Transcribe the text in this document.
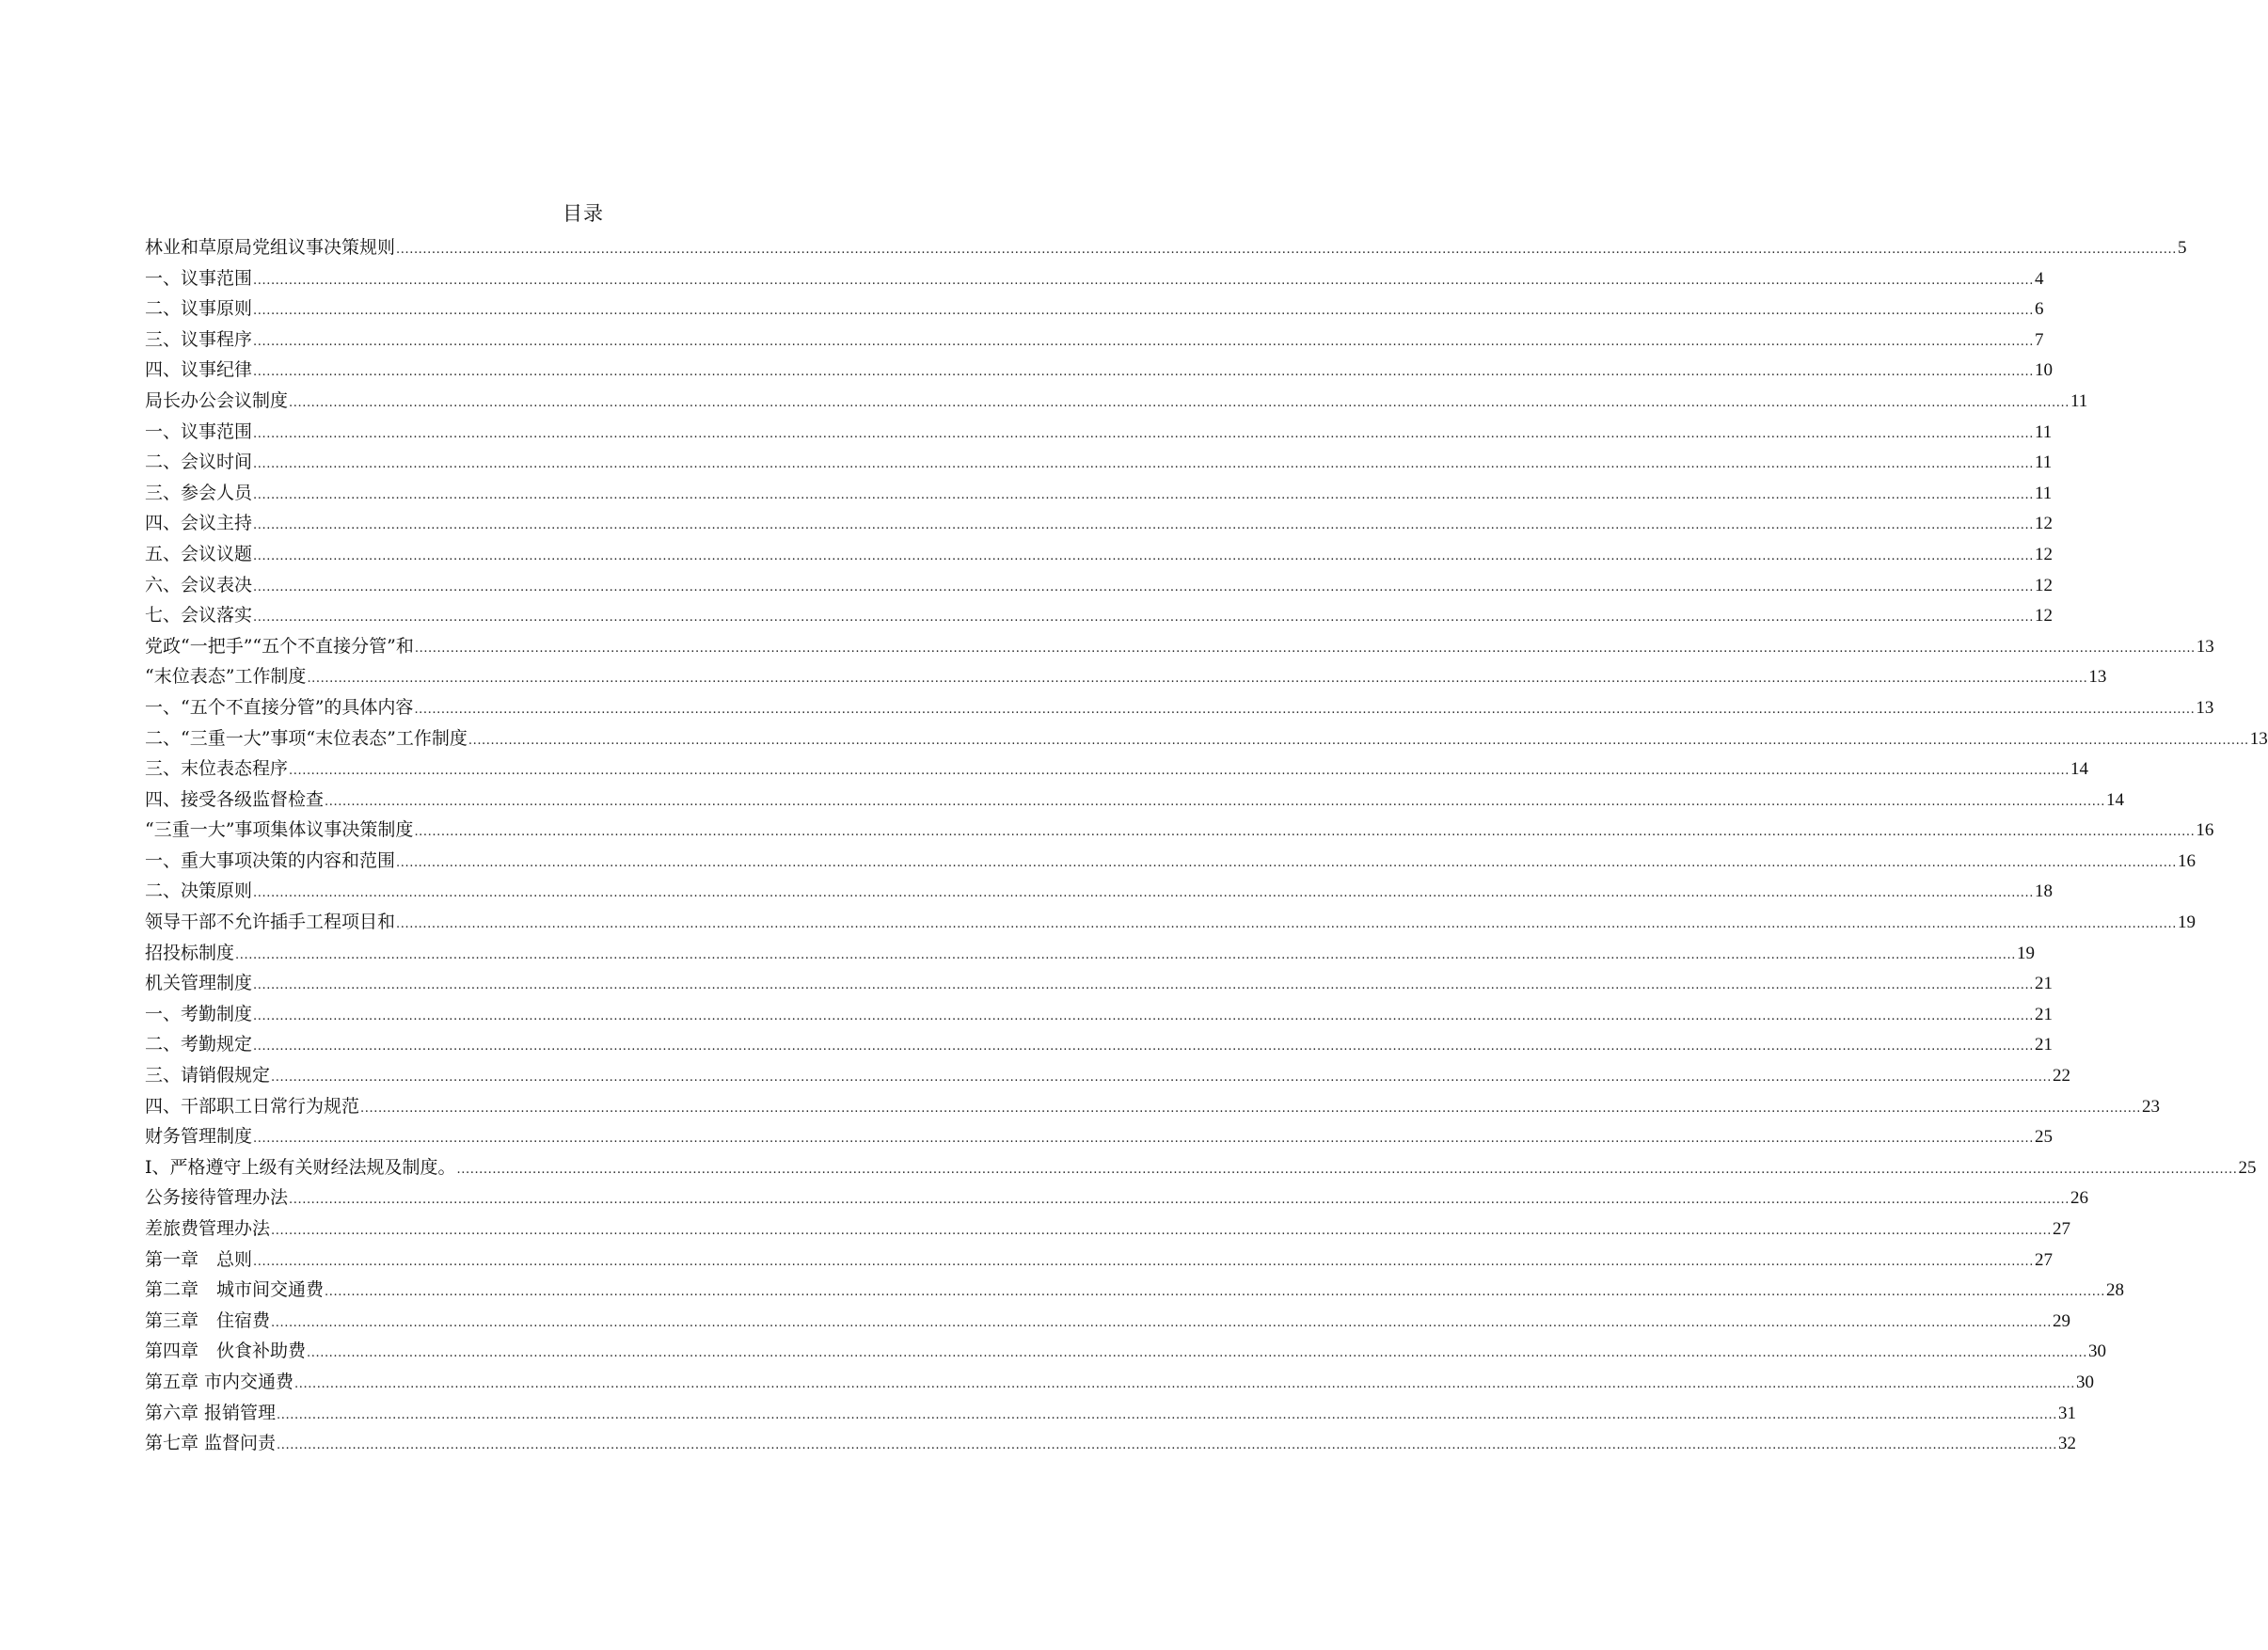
目录
林业和草原局党组议事决策规则 ................................................................................................................................................................................................................................................................................................................................................................................................................ 5
一、议事范围 ................................................................................................................................................................................................................................................................................................................................................................................................................ 4
二、议事原则 ................................................................................................................................................................................................................................................................................................................................................................................................................ 6
三、议事程序 ................................................................................................................................................................................................................................................................................................................................................................................................................ 7
四、议事纪律 ................................................................................................................................................................................................................................................................................................................................................................................................................ 10
局长办公会议制度 ................................................................................................................................................................................................................................................................................................................................................................................................................ 11
一、议事范围 ................................................................................................................................................................................................................................................................................................................................................................................................................ 11
二、会议时间 ................................................................................................................................................................................................................................................................................................................................................................................................................ 11
三、参会人员 ................................................................................................................................................................................................................................................................................................................................................................................................................ 11
四、会议主持 ................................................................................................................................................................................................................................................................................................................................................................................................................ 12
五、会议议题 ................................................................................................................................................................................................................................................................................................................................................................................................................ 12
六、会议表决 ................................................................................................................................................................................................................................................................................................................................................................................................................ 12
七、会议落实 ................................................................................................................................................................................................................................................................................................................................................................................................................ 12
党政“一把手”“五个不直接分管”和 ................................................................................................................................................................................................................................................................................................................................................................................................................ 13
“末位表态”工作制度 ................................................................................................................................................................................................................................................................................................................................................................................................................ 13
一、“五个不直接分管”的具体内容 ................................................................................................................................................................................................................................................................................................................................................................................................................ 13
二、“三重一大”事项“末位表态”工作制度 ................................................................................................................................................................................................................................................................................................................................................................................................................ 13
三、末位表态程序 ................................................................................................................................................................................................................................................................................................................................................................................................................ 14
四、接受各级监督检查 ................................................................................................................................................................................................................................................................................................................................................................................................................ 14
“三重一大”事项集体议事决策制度 ................................................................................................................................................................................................................................................................................................................................................................................................................ 16
一、重大事项决策的内容和范围 ................................................................................................................................................................................................................................................................................................................................................................................................................ 16
二、决策原则 ................................................................................................................................................................................................................................................................................................................................................................................................................ 18
领导干部不允许插手工程项目和 ................................................................................................................................................................................................................................................................................................................................................................................................................ 19
招投标制度 ................................................................................................................................................................................................................................................................................................................................................................................................................ 19
机关管理制度 ................................................................................................................................................................................................................................................................................................................................................................................................................ 21
一、考勤制度 ................................................................................................................................................................................................................................................................................................................................................................................................................ 21
二、考勤规定 ................................................................................................................................................................................................................................................................................................................................................................................................................ 21
三、请销假规定 ................................................................................................................................................................................................................................................................................................................................................................................................................ 22
四、干部职工日常行为规范 ................................................................................................................................................................................................................................................................................................................................................................................................................ 23
财务管理制度 ................................................................................................................................................................................................................................................................................................................................................................................................................ 25
Ⅰ、严格遵守上级有关财经法规及制度。 ................................................................................................................................................................................................................................................................................................................................................................................................................ 25
公务接待管理办法 ................................................................................................................................................................................................................................................................................................................................................................................................................ 26
差旅费管理办法 ................................................................................................................................................................................................................................................................................................................................................................................................................ 27
第一章　总则 ................................................................................................................................................................................................................................................................................................................................................................................................................ 27
第二章　城市间交通费 ................................................................................................................................................................................................................................................................................................................................................................................................................ 28
第三章　住宿费 ................................................................................................................................................................................................................................................................................................................................................................................................................ 29
第四章　伙食补助费 ................................................................................................................................................................................................................................................................................................................................................................................................................ 30
第五章 市内交通费 ................................................................................................................................................................................................................................................................................................................................................................................................................ 30
第六章 报销管理 ................................................................................................................................................................................................................................................................................................................................................................................................................ 31
第七章 监督问责 ................................................................................................................................................................................................................................................................................................................................................................................................................ 32
